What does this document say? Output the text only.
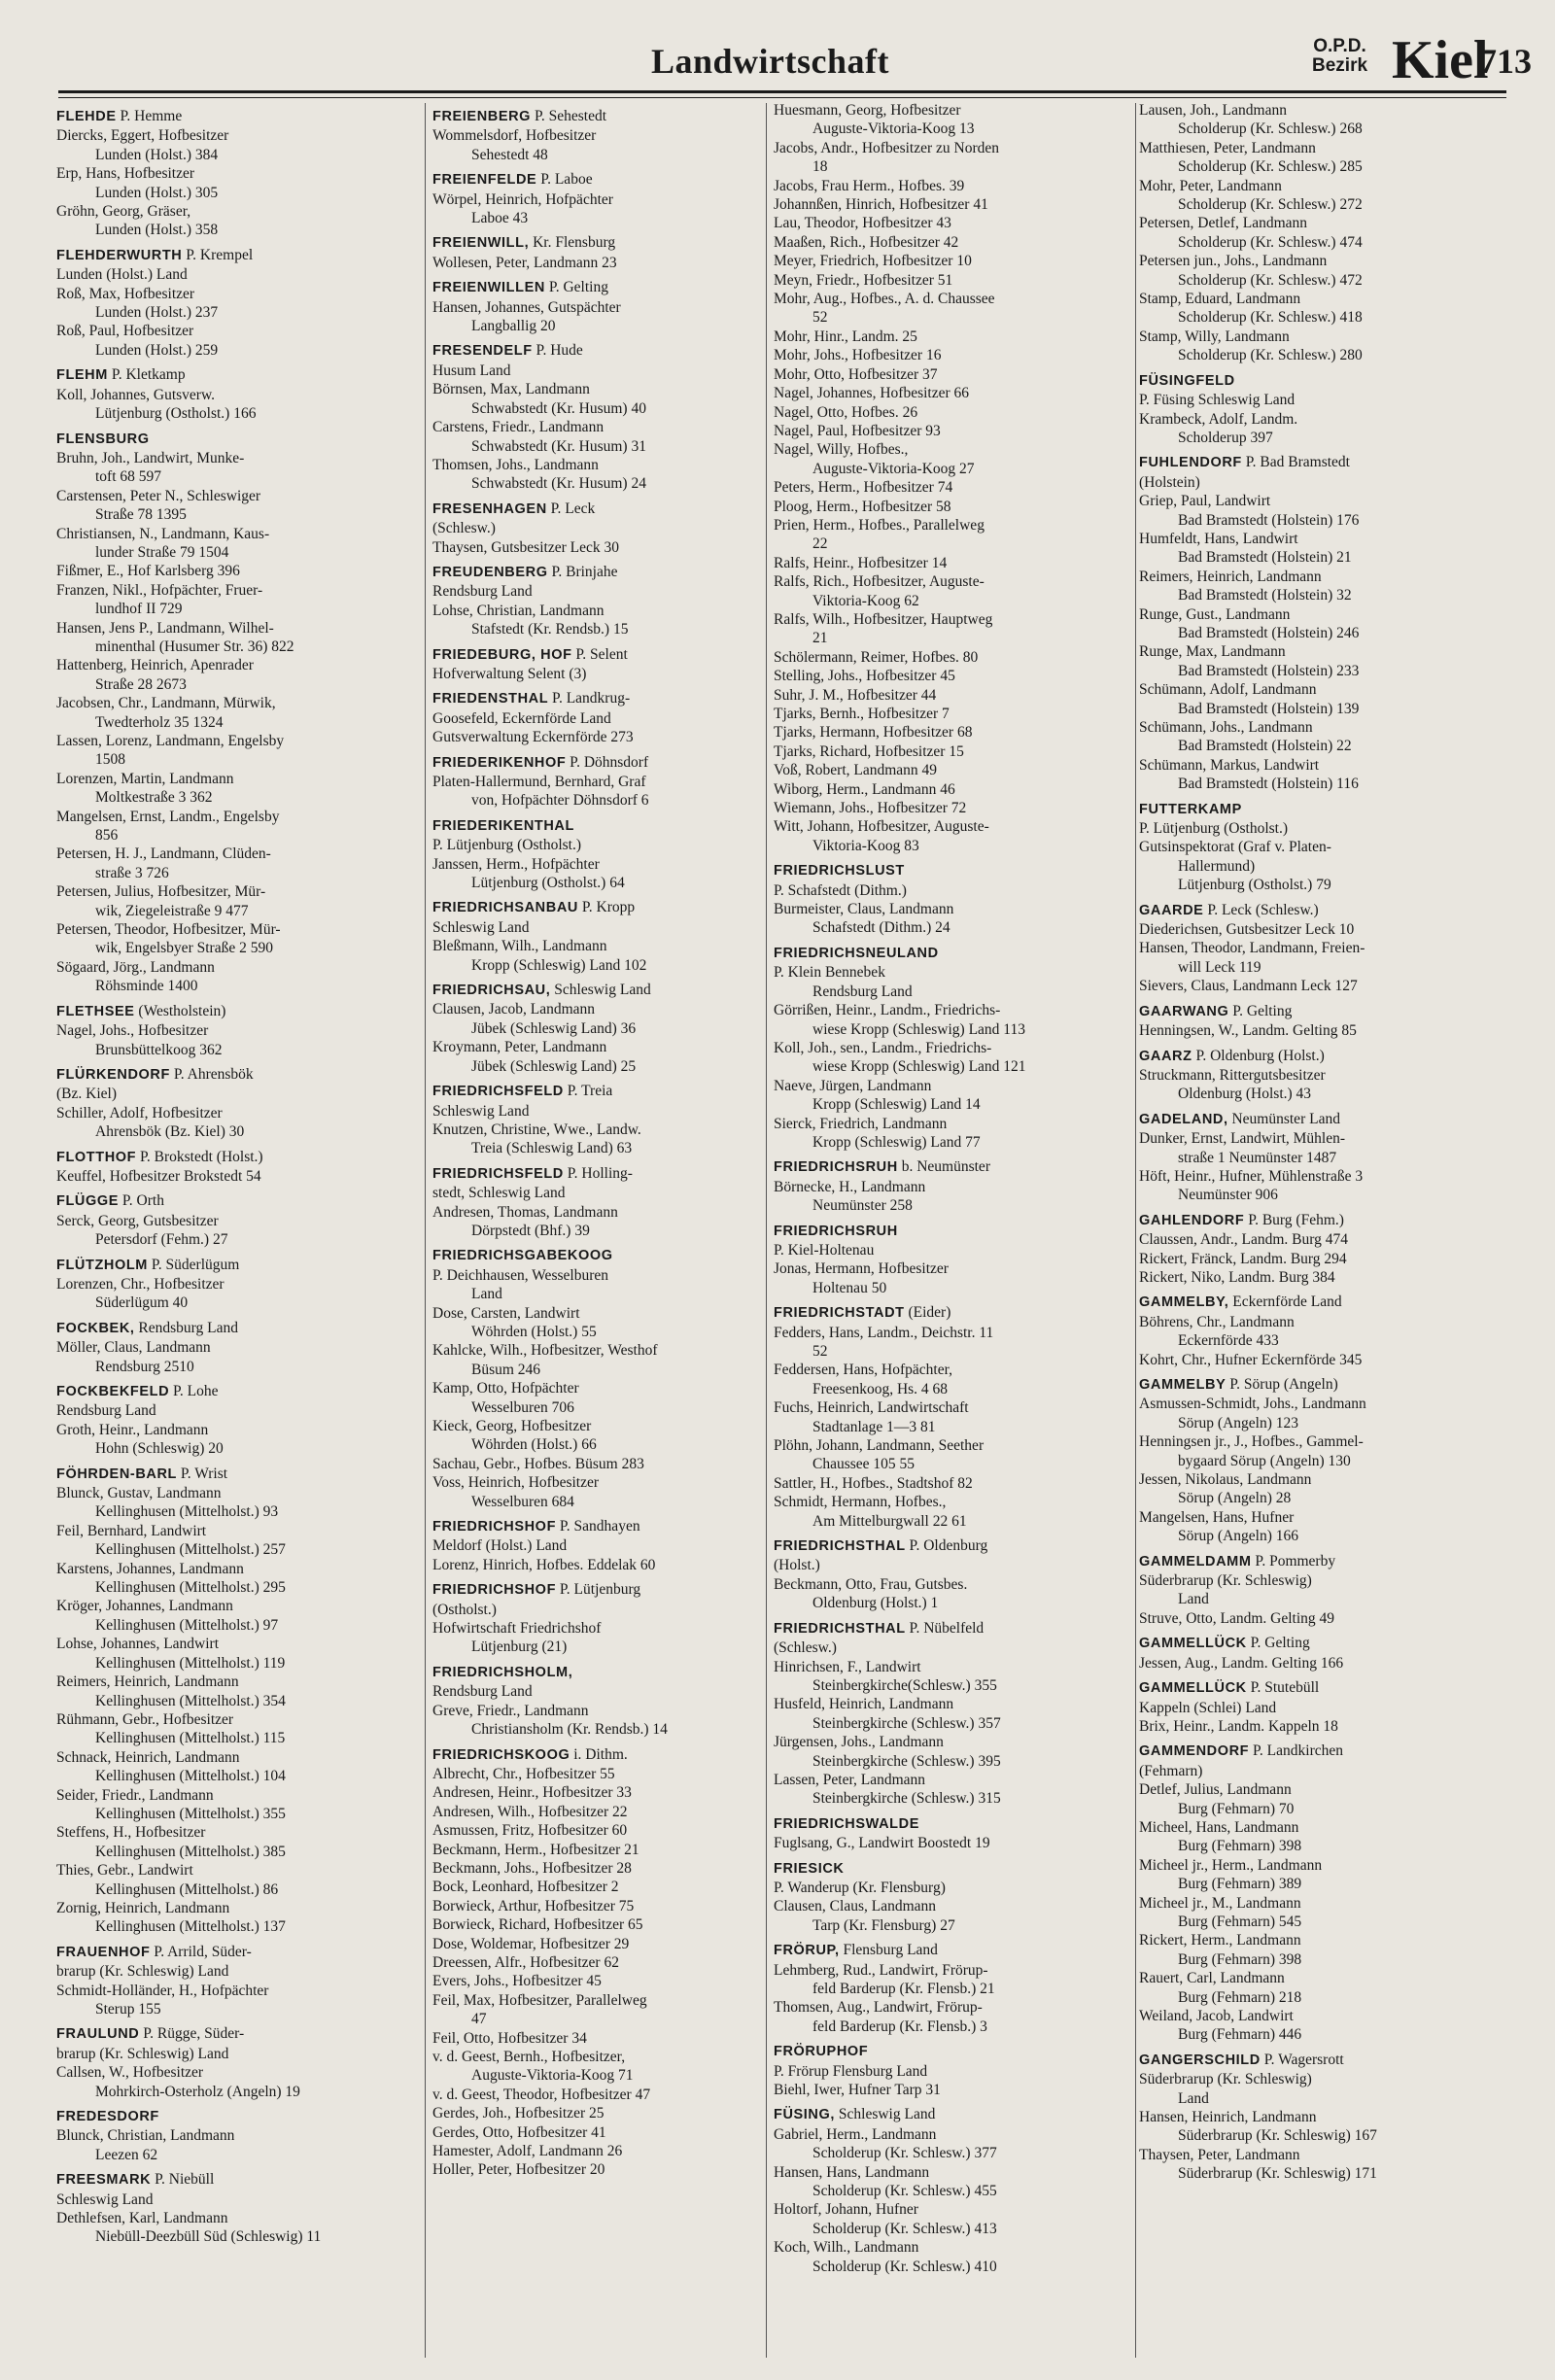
Landwirtschaft	O.P.D.
Bezirk Kiel
713
FLEHDE P. Hemme
Diercks, Eggert, Hofbesitzer
Lunden (Holst.) 384
Erp, Hans, Hofbesitzer
Lunden (Holst.) 305
Gröhn, Georg, Gräser,
Lunden (Holst.) 358
FLEHDERWURTH P. Krempel
Lunden (Holst.) Land
Roß, Max, Hofbesitzer
Lunden (Holst.) 237
Roß, Paul, Hofbesitzer
Lunden (Holst.) 259
FLEHM P. Kletkamp
Koll, Johannes, Gutsverw.
Lütjenburg (Ostholst.) 166
FLENSBURG
Bruhn, Joh., Landwirt, Munke-
toft 68 597
Carstensen, Peter N., Schleswiger
Straße 78 1395
Christiansen, N., Landmann, Kaus-
lunder Straße 79 1504
Fißmer, E., Hof Karlsberg 396
Franzen, Nikl., Hofpächter, Fruer-
lundhof II 729
Hansen, Jens P., Landmann, Wilhel-
minenthal (Husumer Str. 36) 822
Hattenberg, Heinrich, Apenrader
Straße 28 2673
Jacobsen, Chr., Landmann, Mürwik,
Twedterholz 35 1324
Lassen, Lorenz, Landmann, Engelsby
1508
Lorenzen, Martin, Landmann
Moltkestraße 3 362
Mangelsen, Ernst, Landm., Engelsby
856
Petersen, H. J., Landmann, Clüden-
straße 3 726
Petersen, Julius, Hofbesitzer, Mür-
wik, Ziegeleistraße 9 477
Petersen, Theodor, Hofbesitzer, Mür-
wik, Engelsbyer Straße 2 590
Sögaard, Jörg., Landmann
Röhsminde 1400
FLETHSEE (Westholstein)
Nagel, Johs., Hofbesitzer
Brunsbüttelkoog 362
FLÜRKENDORF P. Ahrensbök
(Bz. Kiel)
Schiller, Adolf, Hofbesitzer
Ahrensbök (Bz. Kiel) 30
FLOTTHOF P. Brokstedt (Holst.)
Keuffel, Hofbesitzer Brokstedt 54
FLÜGGE P. Orth
Serck, Georg, Gutsbesitzer
Petersdorf (Fehm.) 27
FLÜTZHOLM P. Süderlügum
Lorenzen, Chr., Hofbesitzer
Süderlügum 40
FOCKBEK, Rendsburg Land
Möller, Claus, Landmann
Rendsburg 2510
FOCKBEKFELD P. Lohe
Rendsburg Land
Groth, Heinr., Landmann
Hohn (Schleswig) 20
FÖHRDEN-BARL P. Wrist
Blunck, Gustav, Landmann
Kellinghusen (Mittelholst.) 93
Feil, Bernhard, Landwirt
Kellinghusen (Mittelholst.) 257
Karstens, Johannes, Landmann
Kellinghusen (Mittelholst.) 295
Kröger, Johannes, Landmann
Kellinghusen (Mittelholst.) 97
Lohse, Johannes, Landwirt
Kellinghusen (Mittelholst.) 119
Reimers, Heinrich, Landmann
Kellinghusen (Mittelholst.) 354
Rühmann, Gebr., Hofbesitzer
Kellinghusen (Mittelholst.) 115
Schnack, Heinrich, Landmann
Kellinghusen (Mittelholst.) 104
Seider, Friedr., Landmann
Kellinghusen (Mittelholst.) 355
Steffens, H., Hofbesitzer
Kellinghusen (Mittelholst.) 385
Thies, Gebr., Landwirt
Kellinghusen (Mittelholst.) 86
Zornig, Heinrich, Landmann
Kellinghusen (Mittelholst.) 137
FRAUENHOF P. Arrild, Süder-
brarup (Kr. Schleswig) Land
Schmidt-Holländer, H., Hofpächter
Sterup 155
FRAULUND P. Rügge, Süder-
brarup (Kr. Schleswig) Land
Callsen, W., Hofbesitzer
Mohrkirch-Osterholz (Angeln) 19
FREDESDORF
Blunck, Christian, Landmann
Leezen 62
FREESMARK P. Niebüll
Schleswig Land
Dethlefsen, Karl, Landmann
Niebüll-Deezbüll Süd (Schleswig) 11
FREIENBERG P. Sehestedt
Wommelsdorf, Hofbesitzer
Sehestedt 48
FREIENFELDE P. Laboe
Wörpel, Heinrich, Hofpächter
Laboe 43
FREIENWILL, Kr. Flensburg
Wollesen, Peter, Landmann 23
FREIENWILLEN P. Gelting
Hansen, Johannes, Gutspächter
Langballig 20
FRESENDELF P. Hude
Husum Land
Börnsen, Max, Landmann
Schwabstedt (Kr. Husum) 40
Carstens, Friedr., Landmann
Schwabstedt (Kr. Husum) 31
Thomsen, Johs., Landmann
Schwabstedt (Kr. Husum) 24
FRESENHAGEN P. Leck
(Schlesw.)
Thaysen, Gutsbesitzer Leck 30
FREUDENBERG P. Brinjahe
Rendsburg Land
Lohse, Christian, Landmann
Stafstedt (Kr. Rendsb.) 15
FRIEDEBURG, HOF P. Selent
Hofverwaltung Selent (3)
FRIEDENSTHAL P. Landkrug-
Goosefeld, Eckernförde Land
Gutsverwaltung Eckernförde 273
FRIEDERIKENHOF P. Döhnsdorf
Platen-Hallermund, Bernhard, Graf
von, Hofpächter Döhnsdorf 6
FRIEDERIKENTHAL
P. Lütjenburg (Ostholst.)
Janssen, Herm., Hofpächter
Lütjenburg (Ostholst.) 64
FRIEDRICHSANBAU P. Kropp
Schleswig Land
Bleßmann, Wilh., Landmann
Kropp (Schleswig) Land 102
FRIEDRICHSAU, Schleswig Land
Clausen, Jacob, Landmann
Jübek (Schleswig Land) 36
Kroymann, Peter, Landmann
Jübek (Schleswig Land) 25
FRIEDRICHSFELD P. Treia
Schleswig Land
Knutzen, Christine, Wwe., Landw.
Treia (Schleswig Land) 63
FRIEDRICHSFELD P. Holling-
stedt, Schleswig Land
Andresen, Thomas, Landmann
Dörpstedt (Bhf.) 39
FRIEDRICHSGABEKOOG
P. Deichhausen, Wesselburen
Land
Dose, Carsten, Landwirt
Wöhrden (Holst.) 55
Kahlcke, Wilh., Hofbesitzer, Westhof
Büsum 246
Kamp, Otto, Hofpächter
Wesselburen 706
Kieck, Georg, Hofbesitzer
Wöhrden (Holst.) 66
Sachau, Gebr., Hofbes. Büsum 283
Voss, Heinrich, Hofbesitzer
Wesselburen 684
FRIEDRICHSHOF P. Sandhayen
Meldorf (Holst.) Land
Lorenz, Hinrich, Hofbes. Eddelak 60
FRIEDRICHSHOF P. Lütjenburg
(Ostholst.)
Hofwirtschaft Friedrichshof
Lütjenburg (21)
FRIEDRICHSHOLM,
Rendsburg Land
Greve, Friedr., Landmann
Christiansholm (Kr. Rendsb.) 14
FRIEDRICHSKOOG i. Dithm.
Albrecht, Chr., Hofbesitzer 55
Andresen, Heinr., Hofbesitzer 33
Andresen, Wilh., Hofbesitzer 22
Asmussen, Fritz, Hofbesitzer 60
Beckmann, Herm., Hofbesitzer 21
Beckmann, Johs., Hofbesitzer 28
Bock, Leonhard, Hofbesitzer 2
Borwieck, Arthur, Hofbesitzer 75
Borwieck, Richard, Hofbesitzer 65
Dose, Woldemar, Hofbesitzer 29
Dreessen, Alfr., Hofbesitzer 62
Evers, Johs., Hofbesitzer 45
Feil, Max, Hofbesitzer, Parallelweg
47
Feil, Otto, Hofbesitzer 34
v. d. Geest, Bernh., Hofbesitzer,
Auguste-Viktoria-Koog 71
v. d. Geest, Theodor, Hofbesitzer 47
Gerdes, Joh., Hofbesitzer 25
Gerdes, Otto, Hofbesitzer 41
Hamester, Adolf, Landmann 26
Holler, Peter, Hofbesitzer 20
Huesmann, Georg, Hofbesitzer
Auguste-Viktoria-Koog 13
Jacobs, Andr., Hofbesitzer zu Norden
18
Jacobs, Frau Herm., Hofbes. 39
Johannßen, Hinrich, Hofbesitzer 41
Lau, Theodor, Hofbesitzer 43
Maaßen, Rich., Hofbesitzer 42
Meyer, Friedrich, Hofbesitzer 10
Meyn, Friedr., Hofbesitzer 51
Mohr, Aug., Hofbes., A. d. Chaussee
52
Mohr, Hinr., Landm. 25
Mohr, Johs., Hofbesitzer 16
Mohr, Otto, Hofbesitzer 37
Nagel, Johannes, Hofbesitzer 66
Nagel, Otto, Hofbes. 26
Nagel, Paul, Hofbesitzer 93
Nagel, Willy, Hofbes.,
Auguste-Viktoria-Koog 27
Peters, Herm., Hofbesitzer 74
Ploog, Herm., Hofbesitzer 58
Prien, Herm., Hofbes., Parallelweg
22
Ralfs, Heinr., Hofbesitzer 14
Ralfs, Rich., Hofbesitzer, Auguste-
Viktoria-Koog 62
Ralfs, Wilh., Hofbesitzer, Hauptweg
21
Schölermann, Reimer, Hofbes. 80
Stelling, Johs., Hofbesitzer 45
Suhr, J. M., Hofbesitzer 44
Tjarks, Bernh., Hofbesitzer 7
Tjarks, Hermann, Hofbesitzer 68
Tjarks, Richard, Hofbesitzer 15
Voß, Robert, Landmann 49
Wiborg, Herm., Landmann 46
Wiemann, Johs., Hofbesitzer 72
Witt, Johann, Hofbesitzer, Auguste-
Viktoria-Koog 83
FRIEDRICHSLUST
P. Schafstedt (Dithm.)
Burmeister, Claus, Landmann
Schafstedt (Dithm.) 24
FRIEDRICHSNEULAND
P. Klein Bennebek
Rendsburg Land
Görrißen, Heinr., Landm., Friedrichs-
wiese Kropp (Schleswig) Land 113
Koll, Joh., sen., Landm., Friedrichs-
wiese Kropp (Schleswig) Land 121
Naeve, Jürgen, Landmann
Kropp (Schleswig) Land 14
Sierck, Friedrich, Landmann
Kropp (Schleswig) Land 77
FRIEDRICHSRUH b. Neumünster
Börnecke, H., Landmann
Neumünster 258
FRIEDRICHSRUH
P. Kiel-Holtenau
Jonas, Hermann, Hofbesitzer
Holtenau 50
FRIEDRICHSTADT (Eider)
Fedders, Hans, Landm., Deichstr. 11
52
Feddersen, Hans, Hofpächter,
Freesenkoog, Hs. 4 68
Fuchs, Heinrich, Landwirtschaft
Stadtanlage 1—3 81
Plöhn, Johann, Landmann, Seether
Chaussee 105 55
Sattler, H., Hofbes., Stadtshof 82
Schmidt, Hermann, Hofbes.,
Am Mittelburgwall 22 61
FRIEDRICHSTHAL P. Oldenburg
(Holst.)
Beckmann, Otto, Frau, Gutsbes.
Oldenburg (Holst.) 1
FRIEDRICHSTHAL P. Nübelfeld
(Schlesw.)
Hinrichsen, F., Landwirt
Steinbergkirche(Schlesw.) 355
Husfeld, Heinrich, Landmann
Steinbergkirche (Schlesw.) 357
Jürgensen, Johs., Landmann
Steinbergkirche (Schlesw.) 395
Lassen, Peter, Landmann
Steinbergkirche (Schlesw.) 315
FRIEDRICHSWALDE
Fuglsang, G., Landwirt Boostedt 19
FRIESICK
P. Wanderup (Kr. Flensburg)
Clausen, Claus, Landmann
Tarp (Kr. Flensburg) 27
FRÖRUP, Flensburg Land
Lehmberg, Rud., Landwirt, Frörup-
feld Barderup (Kr. Flensb.) 21
Thomsen, Aug., Landwirt, Frörup-
feld Barderup (Kr. Flensb.) 3
FRÖRUPHOF
P. Frörup Flensburg Land
Biehl, Iwer, Hufner Tarp 31
FÜSING, Schleswig Land
Gabriel, Herm., Landmann
Scholderup (Kr. Schlesw.) 377
Hansen, Hans, Landmann
Scholderup (Kr. Schlesw.) 455
Holtorf, Johann, Hufner
Scholderup (Kr. Schlesw.) 413
Koch, Wilh., Landmann
Scholderup (Kr. Schlesw.) 410
Lausen, Joh., Landmann
Scholderup (Kr. Schlesw.) 268
Matthiesen, Peter, Landmann
Scholderup (Kr. Schlesw.) 285
Mohr, Peter, Landmann
Scholderup (Kr. Schlesw.) 272
Petersen, Detlef, Landmann
Scholderup (Kr. Schlesw.) 474
Petersen jun., Johs., Landmann
Scholderup (Kr. Schlesw.) 472
Stamp, Eduard, Landmann
Scholderup (Kr. Schlesw.) 418
Stamp, Willy, Landmann
Scholderup (Kr. Schlesw.) 280
FÜSINGFELD
P. Füsing Schleswig Land
Krambeck, Adolf, Landm.
Scholderup 397
FUHLENDORF P. Bad Bramstedt
(Holstein)
Griep, Paul, Landwirt
Bad Bramstedt (Holstein) 176
Humfeldt, Hans, Landwirt
Bad Bramstedt (Holstein) 21
Reimers, Heinrich, Landmann
Bad Bramstedt (Holstein) 32
Runge, Gust., Landmann
Bad Bramstedt (Holstein) 246
Runge, Max, Landmann
Bad Bramstedt (Holstein) 233
Schümann, Adolf, Landmann
Bad Bramstedt (Holstein) 139
Schümann, Johs., Landmann
Bad Bramstedt (Holstein) 22
Schümann, Markus, Landwirt
Bad Bramstedt (Holstein) 116
FUTTERKAMP
P. Lütjenburg (Ostholst.)
Gutsinspektorat (Graf v. Platen-
Hallermund)
Lütjenburg (Ostholst.) 79
GAARDE P. Leck (Schlesw.)
Diederichsen, Gutsbesitzer Leck 10
Hansen, Theodor, Landmann, Freien-
will Leck 119
Sievers, Claus, Landmann Leck 127
GAARWANG P. Gelting
Henningsen, W., Landm. Gelting 85
GAARZ P. Oldenburg (Holst.)
Struckmann, Rittergutsbesitzer
Oldenburg (Holst.) 43
GADELAND, Neumünster Land
Dunker, Ernst, Landwirt, Mühlen-
straße 1 Neumünster 1487
Höft, Heinr., Hufner, Mühlenstraße 3
Neumünster 906
GAHLENDORF P. Burg (Fehm.)
Claussen, Andr., Landm. Burg 474
Rickert, Fränck, Landm. Burg 294
Rickert, Niko, Landm. Burg 384
GAMMELBY, Eckernförde Land
Böhrens, Chr., Landmann
Eckernförde 433
Kohrt, Chr., Hufner Eckernförde 345
GAMMELBY P. Sörup (Angeln)
Asmussen-Schmidt, Johs., Landmann
Sörup (Angeln) 123
Henningsen jr., J., Hofbes., Gammel-
bygaard Sörup (Angeln) 130
Jessen, Nikolaus, Landmann
Sörup (Angeln) 28
Mangelsen, Hans, Hufner
Sörup (Angeln) 166
GAMMELDAMM P. Pommerby
Süderbrarup (Kr. Schleswig)
Land
Struve, Otto, Landm. Gelting 49
GAMMELLÜCK P. Gelting
Jessen, Aug., Landm. Gelting 166
GAMMELLÜCK P. Stutebüll
Kappeln (Schlei) Land
Brix, Heinr., Landm. Kappeln 18
GAMMENDORF P. Landkirchen
(Fehmarn)
Detlef, Julius, Landmann
Burg (Fehmarn) 70
Micheel, Hans, Landmann
Burg (Fehmarn) 398
Micheel jr., Herm., Landmann
Burg (Fehmarn) 389
Micheel jr., M., Landmann
Burg (Fehmarn) 545
Rickert, Herm., Landmann
Burg (Fehmarn) 398
Rauert, Carl, Landmann
Burg (Fehmarn) 218
Weiland, Jacob, Landwirt
Burg (Fehmarn) 446
GANGERSCHILD P. Wagersrott
Süderbrarup (Kr. Schleswig)
Land
Hansen, Heinrich, Landmann
Süderbrarup (Kr. Schleswig) 167
Thaysen, Peter, Landmann
Süderbrarup (Kr. Schleswig) 171
